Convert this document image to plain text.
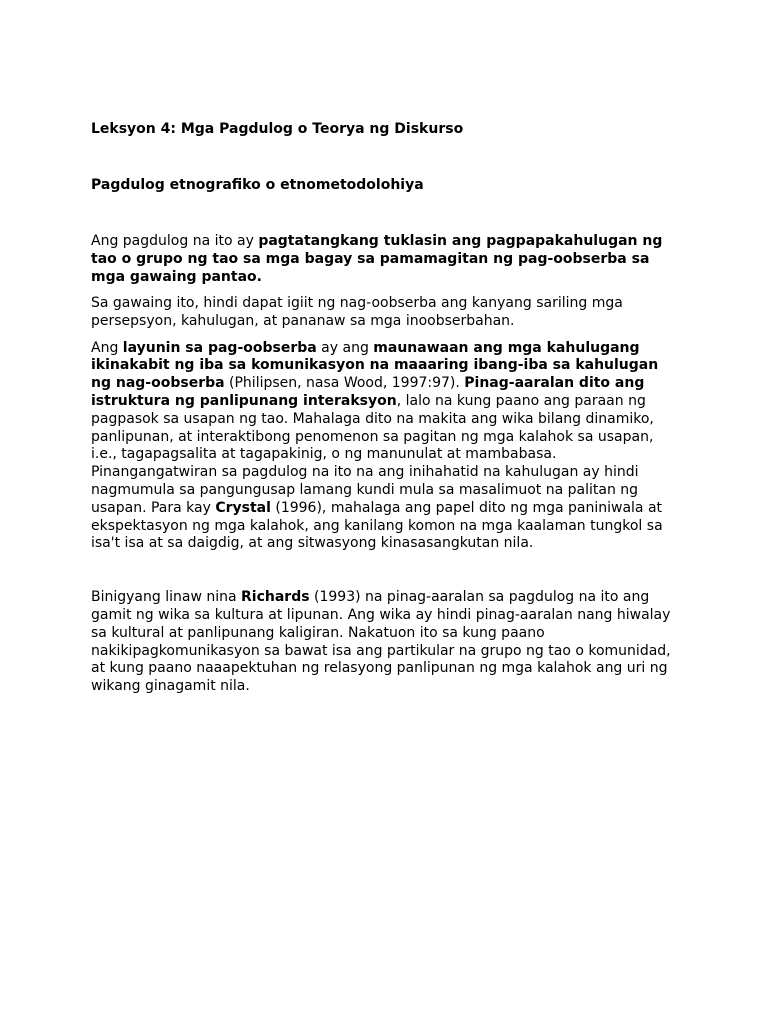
Leksyon 4: Mga Pagdulog o Teorya ng Diskurso

Pagdulog etnografiko o etnometodolohiya

Ang pagdulog na ito ay pagtatangkang tuklasin ang pagpapakahulugan ng tao o grupo ng tao sa mga bagay sa pamamagitan ng pag-oobserba sa mga gawaing pantao.

Sa gawaing ito, hindi dapat igiit ng nag-oobserba ang kanyang sariling mga persepsyon, kahulugan, at pananaw sa mga inoobserbahan.

Ang layunin sa pag-oobserba ay ang maunawaan ang mga kahulugang ikinakabit ng iba sa komunikasyon na maaaring ibang-iba sa kahulugan ng nag-oobserba (Philipsen, nasa Wood, 1997:97). Pinag-aaralan dito ang istruktura ng panlipunang interaksyon, lalo na kung paano ang paraan ng pagpasok sa usapan ng tao. Mahalaga dito na makita ang wika bilang dinamiko, panlipunan, at interaktibong penomenon sa pagitan ng mga kalahok sa usapan, i.e., tagapagsalita at tagapakinig, o ng manunulat at mambabasa. Pinangangatwiran sa pagdulog na ito na ang inihahatid na kahulugan ay hindi nagmumula sa pangungusap lamang kundi mula sa masalimuot na palitan ng usapan. Para kay Crystal (1996), mahalaga ang papel dito ng mga paniniwala at ekspektasyon ng mga kalahok, ang kanilang komon na mga kaalaman tungkol sa isa't isa at sa daigdig, at ang sitwasyong kinasasangkutan nila.

Binigyang linaw nina Richards (1993) na pinag-aaralan sa pagdulog na ito ang gamit ng wika sa kultura at lipunan. Ang wika ay hindi pinag-aaralan nang hiwalay sa kultural at panlipunang kaligiran. Nakatuon ito sa kung paano nakikipagkomunikasyon sa bawat isa ang partikular na grupo ng tao o komunidad, at kung paano naaapektuhan ng relasyong panlipunan ng mga kalahok ang uri ng wikang ginagamit nila.
